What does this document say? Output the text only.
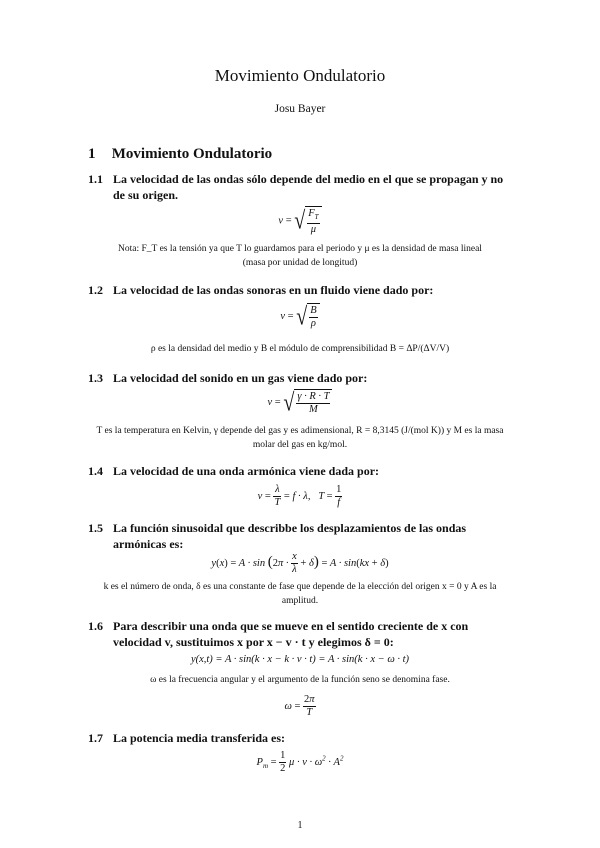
Movimiento Ondulatorio
Josu Bayer
1 Movimiento Ondulatorio
1.1 La velocidad de las ondas sólo depende del medio en el que se propagan y no de su origen.
v = √ $\frac{F_T}{\mu}$
Nota: F_T es la tensión ya que T lo guardamos para el periodo y μ es la densidad de masa lineal
(masa por unidad de longitud)
1.2 La velocidad de las ondas sonoras en un fluido viene dado por:
v = √ $\frac{B}{\rho}$
ρ es la densidad del medio y B el módulo de comprensibilidad B = ΔP/(ΔV/V)
1.3 La velocidad del sonido en un gas viene dado por:
v = √ $\frac{\gamma \cdot R \cdot T}{M}$
T es la temperatura en Kelvin, γ depende del gas y es adimensional, R = 8,3145 (J/(mol K)) y M es la masa
molar del gas en kg/mol.
1.4 La velocidad de una onda armónica viene dada por:
$v = \frac{\lambda}{T} = f \cdot \lambda$,   $T = \frac{1}{f}$
1.5 La función sinusoidal que describbe los desplazamientos de las ondas armónicas es:
$y(x) = A \cdot \sin (2\pi \cdot \frac{x}{\lambda} + \delta) = A \cdot \sin(kx + \delta)$
k es el número de onda, δ es una constante de fase que depende de la elección del origen x = 0 y A es la
amplitud.
1.6 Para describir una onda que se mueve en el sentido creciente de x con velocidad v, sustituimos x por x − v · t y elegimos δ = 0:
y(x,t) = A · sin(k · x − k · v · t) = A · sin(k · x − ω · t)
ω es la frecuencia angular y el argumento de la función seno se denomina fase.
$\omega = \frac{2\pi}{T}$
1.7 La potencia media transferida es:
$P_m = \frac{1}{2}$ $\mu \cdot v \cdot \omega^2 \cdot A^2$
1
